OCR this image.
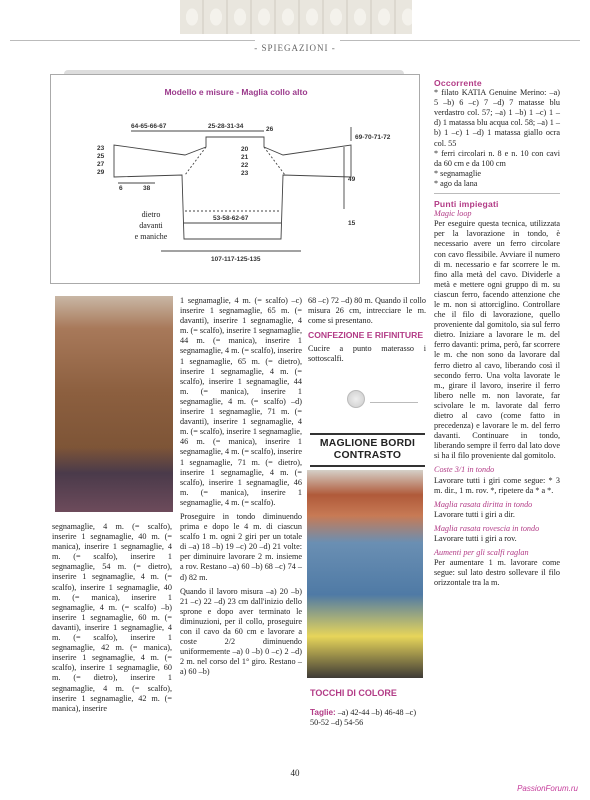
- SPIEGAZIONI -
Modello e misure - Maglia collo alto
64-65-66-67	25-28-31-34	26
69-70-71-72
23
25
27
29
20
21
22
23
6	38
49
53-58-62-67
15
107-117-125-135
dietro
davanti
e maniche

segnamaglie, 4 m. (= scalfo), inserire 1 segnamaglie, 40 m. (= manica), inserire 1 segnamaglie, 4 m. (= scalfo), inserire 1 segnamaglie, 54 m. (= dietro), inserire 1 segnamaglie, 4 m. (= scalfo), inserire 1 segnamaglie, 40 m. (= manica), inserire 1 segnamaglie, 4 m. (= scalfo) –b) inserire 1 segnamaglie, 60 m. (= davanti), inserire 1 segnamaglie, 4 m. (= scalfo), inserire 1 segnamaglie, 42 m. (= manica), inserire 1 segnamaglie, 4 m. (= scalfo), inserire 1 segnamaglie, 60 m. (= dietro), inserire 1 segnamaglie, 4 m. (= scalfo), inserire 1 segnamaglie, 42 m. (= manica), inserire

1 segnamaglie, 4 m. (= scalfo) –c) inserire 1 segnamaglie, 65 m. (= davanti), inserire 1 segnamaglie, 4 m. (= scalfo), inserire 1 segnamaglie, 44 m. (= manica), inserire 1 segnamaglie, 4 m. (= scalfo), inserire 1 segnamaglie, 65 m. (= dietro), inserire 1 segnamaglie, 4 m. (= scalfo), inserire 1 segnamaglie, 44 m. (= manica), inserire 1 segnamaglie, 4 m. (= scalfo) –d) inserire 1 segnamaglie, 71 m. (= davanti), inserire 1 segnamaglie, 4 m. (= scalfo), inserire 1 segnamaglie, 46 m. (= manica), inserire 1 segnamaglie, 4 m. (= scalfo), inserire 1 segnamaglie, 71 m. (= dietro), inserire 1 segnamaglie, 4 m. (= scalfo), inserire 1 segnamaglie, 46 m. (= manica), inserire 1 segnamaglie, 4 m. (= scalfo).

Proseguire in tondo diminuendo prima e dopo le 4 m. di ciascun scalfo 1 m. ogni 2 giri per un totale di –a) 18 –b) 19 –c) 20 –d) 21 volte: per diminuire lavorare 2 m. insieme a rov. Restano –a) 60 –b) 68 –c) 74 –d) 82 m.

Quando il lavoro misura –a) 20 –b) 21 –c) 22 –d) 23 cm dall'inizio dello sprone e dopo aver terminato le diminuzioni, per il collo, proseguire con il cavo da 60 cm e lavorare a coste 2/2 diminuendo uniformemente –a) 0 –b) 0 –c) 2 –d) 2 m. nel corso del 1° giro. Restano –a) 60 –b)

68 –c) 72 –d) 80 m. Quando il collo misura 26 cm, intrecciare le m. come si presentano.

CONFEZIONE E RIFINITURE

Cucire a punto materasso i sottoscalfi.

MAGLIONE BORDI CONTRASTO
TOCCHI DI COLORE
Taglie: –a) 42-44 –b) 46-48 –c) 50-52 –d) 54-56
Occorrente

* filato KATIA Genuine Merino: –a) 5 –b) 6 –c) 7 –d) 7 matasse blu verdastro col. 57; –a) 1 –b) 1 –c) 1 –d) 1 matassa blu acqua col. 58; –a) 1 –b) 1 –c) 1 –d) 1 matassa giallo ocra col. 55

* ferri circolari n. 8 e n. 10 con cavi da 60 cm e da 100 cm

* segnamaglie

* ago da lana

Punti impiegati
Magic loop

Per eseguire questa tecnica, utilizzata per la lavorazione in tondo, è necessario avere un ferro circolare con cavo flessibile. Avviare il numero di m. necessario e far scorrere le m. fino alla metà del cavo. Dividerle a metà e mettere ogni gruppo di m. su ciascun ferro, facendo attenzione che le m. non si attorciglino. Controllare che il filo di lavorazione, quello proveniente dal gomitolo, sia sul ferro dietro. Iniziare a lavorare le m. del ferro davanti: prima, però, far scorrere le m. che non sono da lavorare dal ferro dietro al cavo, liberando così il secondo ferro. Una volta lavorate le m., girare il lavoro, inserire il ferro libero nelle m. non lavorate, far scivolare le m. lavorate dal ferro dietro al cavo (come fatto in precedenza) e lavorare le m. del ferro davanti. Continuare in tondo, liberando sempre il ferro dal lato dove si ha il filo proveniente dal gomitolo.

Coste 3/1 in tondo

Lavorare tutti i giri come segue: * 3 m. dir., 1 m. rov. *, ripetere da * a *.

Maglia rasata diritta in tondo

Lavorare tutti i giri a dir.

Maglia rasata rovescia in tondo

Lavorare tutti i giri a rov.

Aumenti per gli scalfi raglan

Per aumentare 1 m. lavorare come segue: sul lato destro sollevare il filo orizzontale tra la m.

40
PassionForum.ru
